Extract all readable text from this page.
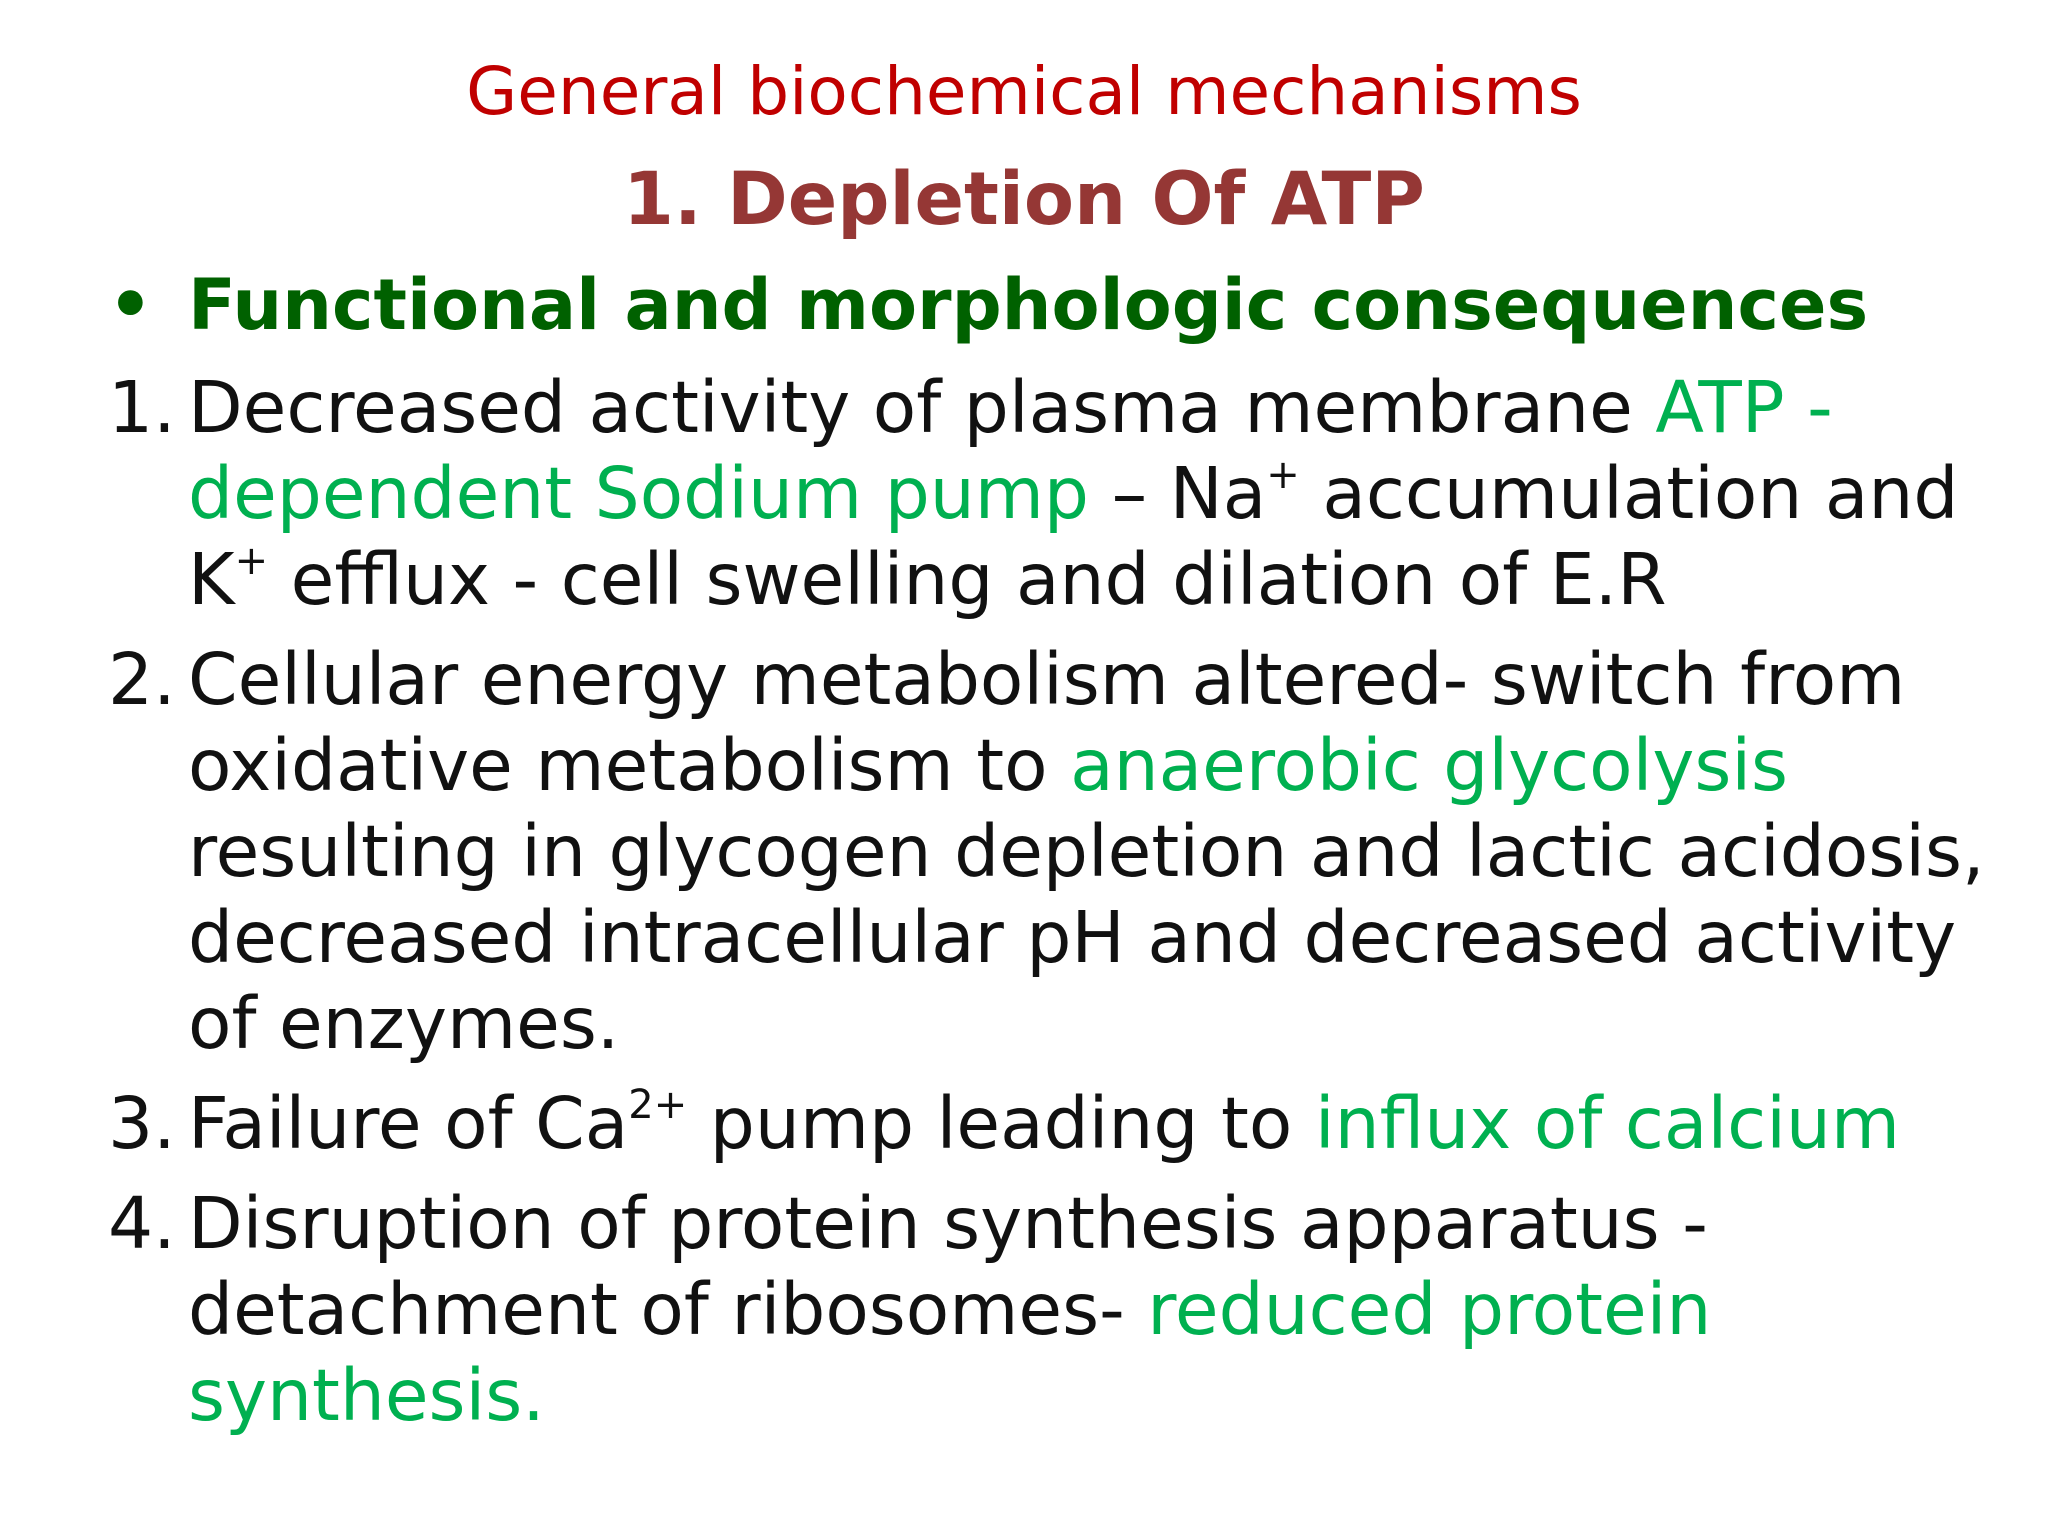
General biochemical mechanisms
1. Depletion Of ATP
• Functional and morphologic consequences
1. Decreased activity of plasma membrane ATP -
dependent Sodium pump – Na+ accumulation and
K+ efflux - cell swelling and dilation of E.R
2. Cellular energy metabolism altered- switch from
oxidative metabolism to anaerobic glycolysis
resulting in glycogen depletion and lactic acidosis,
decreased intracellular pH and decreased activity
of enzymes.
3. Failure of $Ca^{2+}$ pump leading to influx of calcium
4. Disruption of protein synthesis apparatus -
detachment of ribosomes- reduced protein
synthesis.
